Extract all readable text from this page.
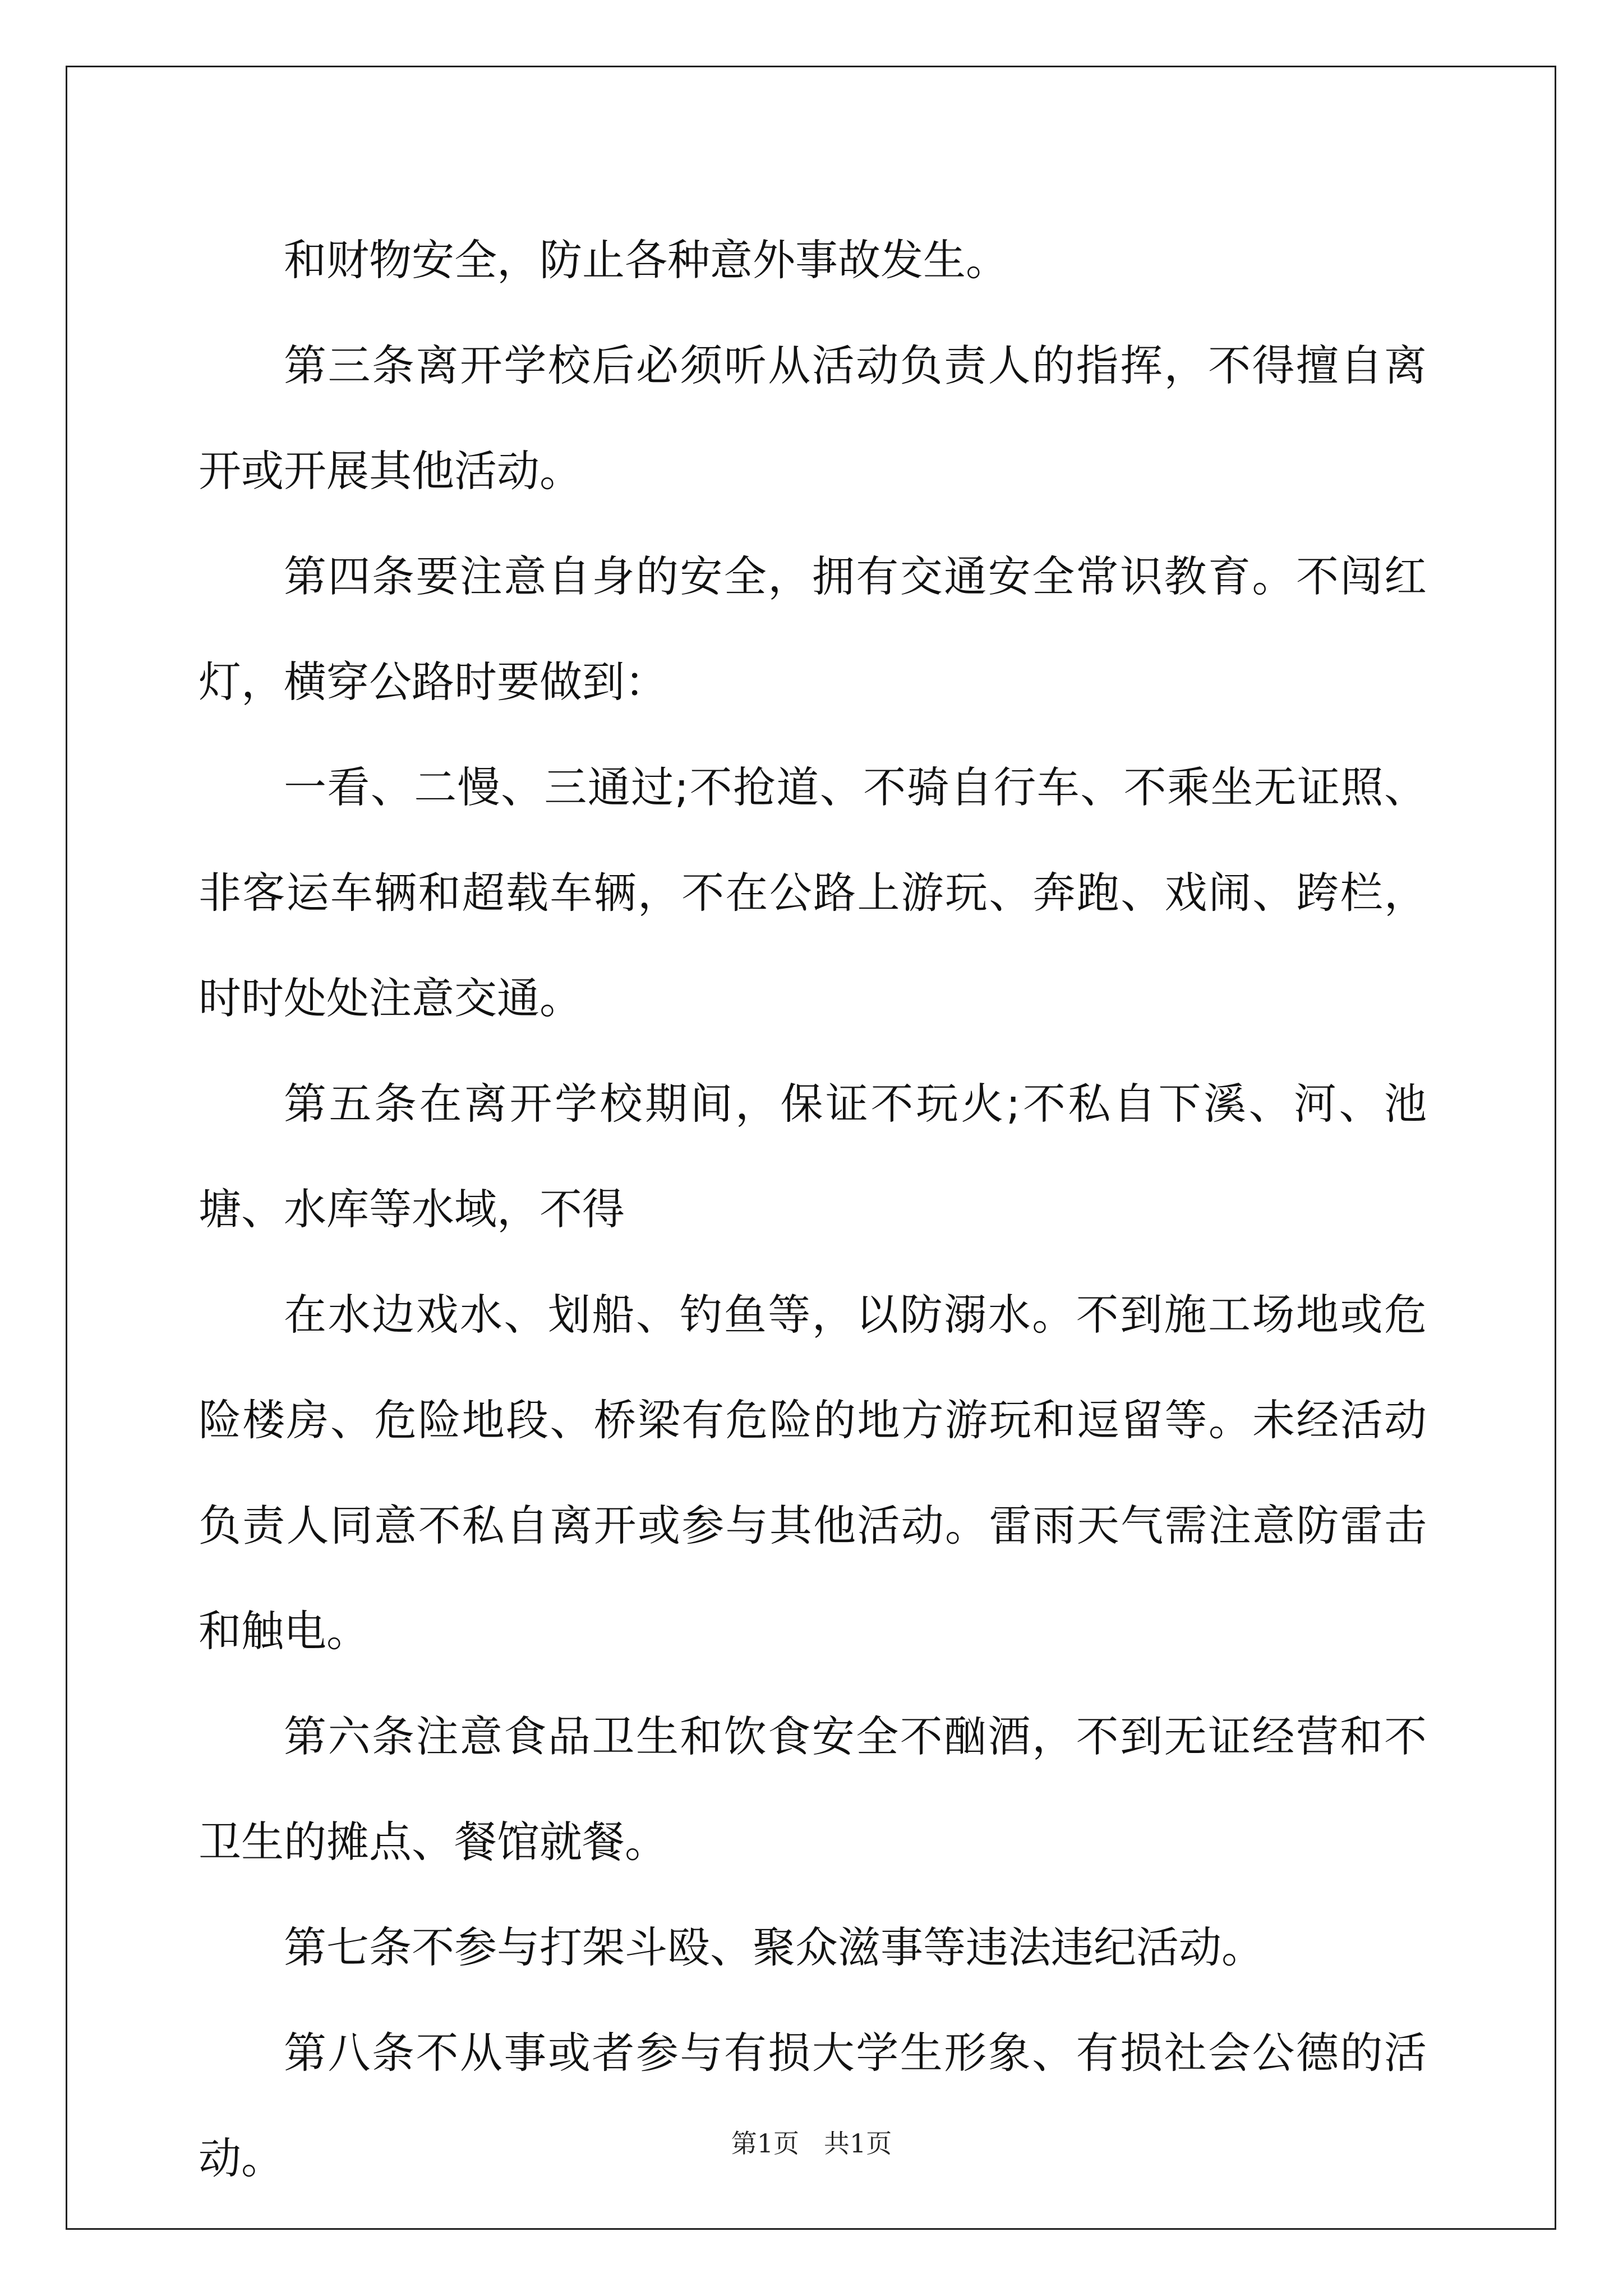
和财物安全，防止各种意外事故发生。

第三条离开学校后必须听从活动负责人的指挥，不得擅自离开或开展其他活动。

第四条要注意自身的安全，拥有交通安全常识教育。不闯红灯，横穿公路时要做到：

一看、二慢、三通过;不抢道、不骑自行车、不乘坐无证照、非客运车辆和超载车辆，不在公路上游玩、奔跑、戏闹、跨栏，时时处处注意交通。

第五条在离开学校期间，保证不玩火;不私自下溪、河、池塘、水库等水域，不得

在水边戏水、划船、钓鱼等，以防溺水。不到施工场地或危险楼房、危险地段、桥梁有危险的地方游玩和逗留等。未经活动负责人同意不私自离开或参与其他活动。雷雨天气需注意防雷击和触电。

第六条注意食品卫生和饮食安全不酗酒，不到无证经营和不卫生的摊点、餐馆就餐。

第七条不参与打架斗殴、聚众滋事等违法违纪活动。

第八条不从事或者参与有损大学生形象、有损社会公德的活动。	第1页 共1页
